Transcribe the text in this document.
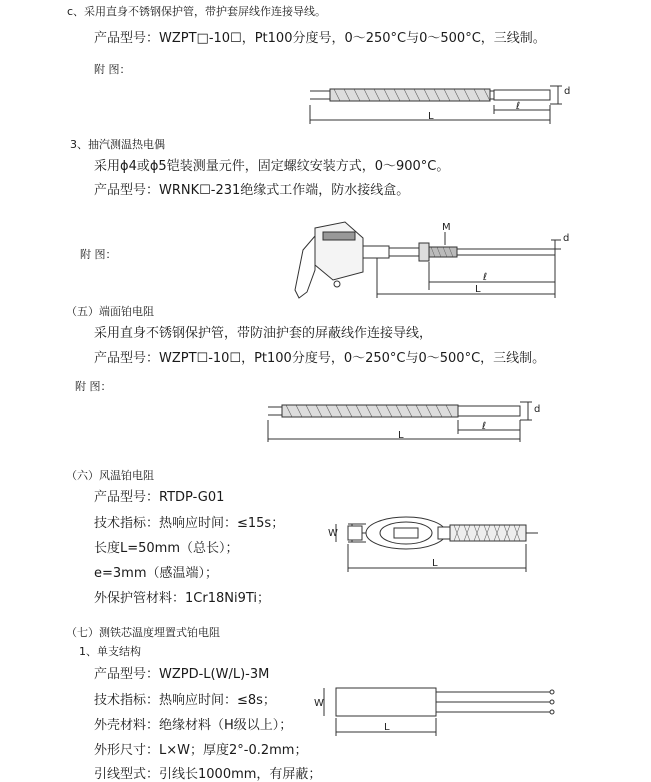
c、采用直身不锈钢保护管，带护套屏线作连接导线。
产品型号：WZPT□-10☐，Pt100分度号，0～250°C与0～500°C，三线制。
附 图：
L
ℓ
d
3、抽汽测温热电偶
采用ϕ4或ϕ5铠装测量元件，固定螺纹安装方式，0～900°C。
产品型号：WRNK☐-231绝缘式工作端，防水接线盒。
附 图：
M
d
ℓ
L
（五）端面铂电阻
采用直身不锈钢保护管，带防油护套的屏蔽线作连接导线，
产品型号：WZPT☐-10☐，Pt100分度号，0～250°C与0～500°C，三线制。
附 图：
L
ℓ
d
（六）风温铂电阻
产品型号：RTDP-G01
技术指标：热响应时间：≤15s；
长度L=50mm（总长）；
e=3mm（感温端）；
外保护管材料：1Cr18Ni9Ti；
W
L
（七）测铁芯温度埋置式铂电阻
1、单支结构
产品型号：WZPD-L(W/L)-3M
技术指标：热响应时间：≤8s；
外壳材料：绝缘材料（H级以上）；
外形尺寸：L×W；厚度2°-0.2mm；
引线型式：引线长1000mm，有屏蔽；
W
L
